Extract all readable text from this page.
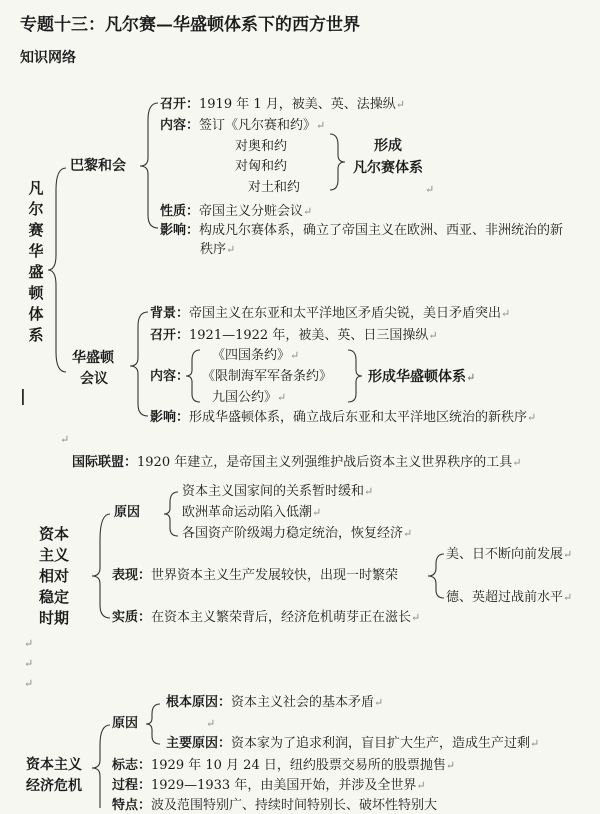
专题十三：凡尔赛—华盛顿体系下的西方世界
知识网络
凡尔赛华盛顿体系
巴黎和会
召开：1919 年 1 月，被美、英、法操纵↵
内容：签订《凡尔赛和约》↵
对奥和约
对匈和约
对土和约
形成
凡尔赛体系
↵
性质：帝国主义分赃会议↵
影响：构成凡尔赛体系，确立了帝国主义在欧洲、西亚、非洲统治的新
秩序↵
华盛顿
会议
|
背景：帝国主义在东亚和太平洋地区矛盾尖锐，美日矛盾突出↵
召开：1921—1922 年，被美、英、日三国操纵↵
《四国条约》↵
内容： 《限制海军军备条约》	形成华盛顿体系↵
九国公约》↵
影响：形成华盛顿体系，确立战后东亚和太平洋地区统治的新秩序↵
↵
国际联盟：1920 年建立，是帝国主义列强维护战后资本主义世界秩序的工具↵
资本主义相对稳定时期
原因
资本主义国家间的关系暂时缓和↵
欧洲革命运动陷入低潮↵
各国资产阶级竭力稳定统治，恢复经济↵
表现：世界资本主义生产发展较快，出现一时繁荣
美、日不断向前发展↵
德、英超过战前水平↵
实质：在资本主义繁荣背后，经济危机萌芽正在滋长↵
↵
↵
↵
资本主义
经济危机
原因
根本原因：资本主义社会的基本矛盾↵
↵
主要原因：资本家为了追求利润，盲目扩大生产，造成生产过剩↵
标志：1929 年 10 月 24 日，纽约股票交易所的股票抛售↵
过程：1929—1933 年，由美国开始，并涉及全世界↵
特点：波及范围特别广、持续时间特别长、破坏性特别大
